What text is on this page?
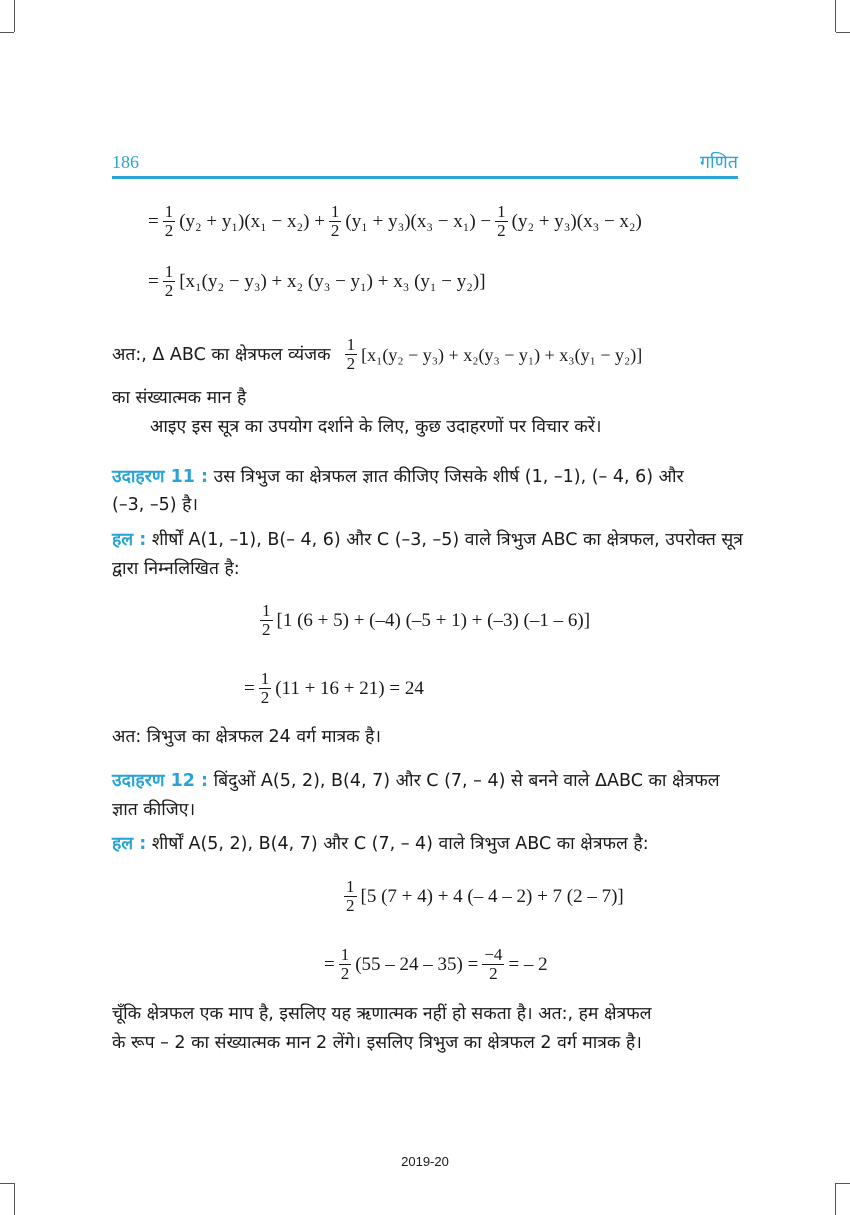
186	गणित
= $\frac{1}{2} (y_2 + y_1)(x_1 - x_2) + \frac{1}{2} (y_1 + y_3)(x_3 - x_1) - \frac{1}{2} (y_2 + y_3)(x_3 - x_2)$
= $\frac{1}{2} [x_1(y_2 - y_3) + x_2$ (y₃ − y₁) + x₃ (y₁ − y₂)]
अत:, Δ ABC का क्षेत्रफल व्यंजक $\frac{1}{2} [x_1(y_2 - y_3) + x_2(y_3 - y_1) + x_3(y_1 - y_2)]$
का संख्यात्मक मान है
आइए इस सूत्र का उपयोग दर्शाने के लिए, कुछ उदाहरणों पर विचार करें।
उदाहरण 11 : उस त्रिभुज का क्षेत्रफल ज्ञात कीजिए जिसके शीर्ष (1, –1), (– 4, 6) और
(–3, –5) है।
हल : शीर्षों A(1, –1), B(– 4, 6) और C (–3, –5) वाले त्रिभुज ABC का क्षेत्रफल, उपरोक्त सूत्र
द्वारा निम्नलिखित है:
$\frac{1}{2} [1$ (6 + 5) + (–4) (–5 + 1) + (–3) (–1 – 6)]
= $\frac{1}{2} (11 + 16 + 21) = 24$
अत: त्रिभुज का क्षेत्रफल 24 वर्ग मात्रक है।
उदाहरण 12 : बिंदुओं A(5, 2), B(4, 7) और C (7, – 4) से बनने वाले ΔABC का क्षेत्रफल
ज्ञात कीजिए।
हल : शीर्षों A(5, 2), B(4, 7) और C (7, – 4) वाले त्रिभुज ABC का क्षेत्रफल है:
$\frac{1}{2} [5$ (7 + 4) + 4 (– 4 – 2) + 7 (2 – 7)]
= $\frac{1}{2} (55 - 24 - 35) = \frac{-4}{2}$ = – 2
चूँकि क्षेत्रफल एक माप है, इसलिए यह ऋणात्मक नहीं हो सकता है। अत:, हम क्षेत्रफल
के रूप – 2 का संख्यात्मक मान 2 लेंगे। इसलिए त्रिभुज का क्षेत्रफल 2 वर्ग मात्रक है।
2019-20
